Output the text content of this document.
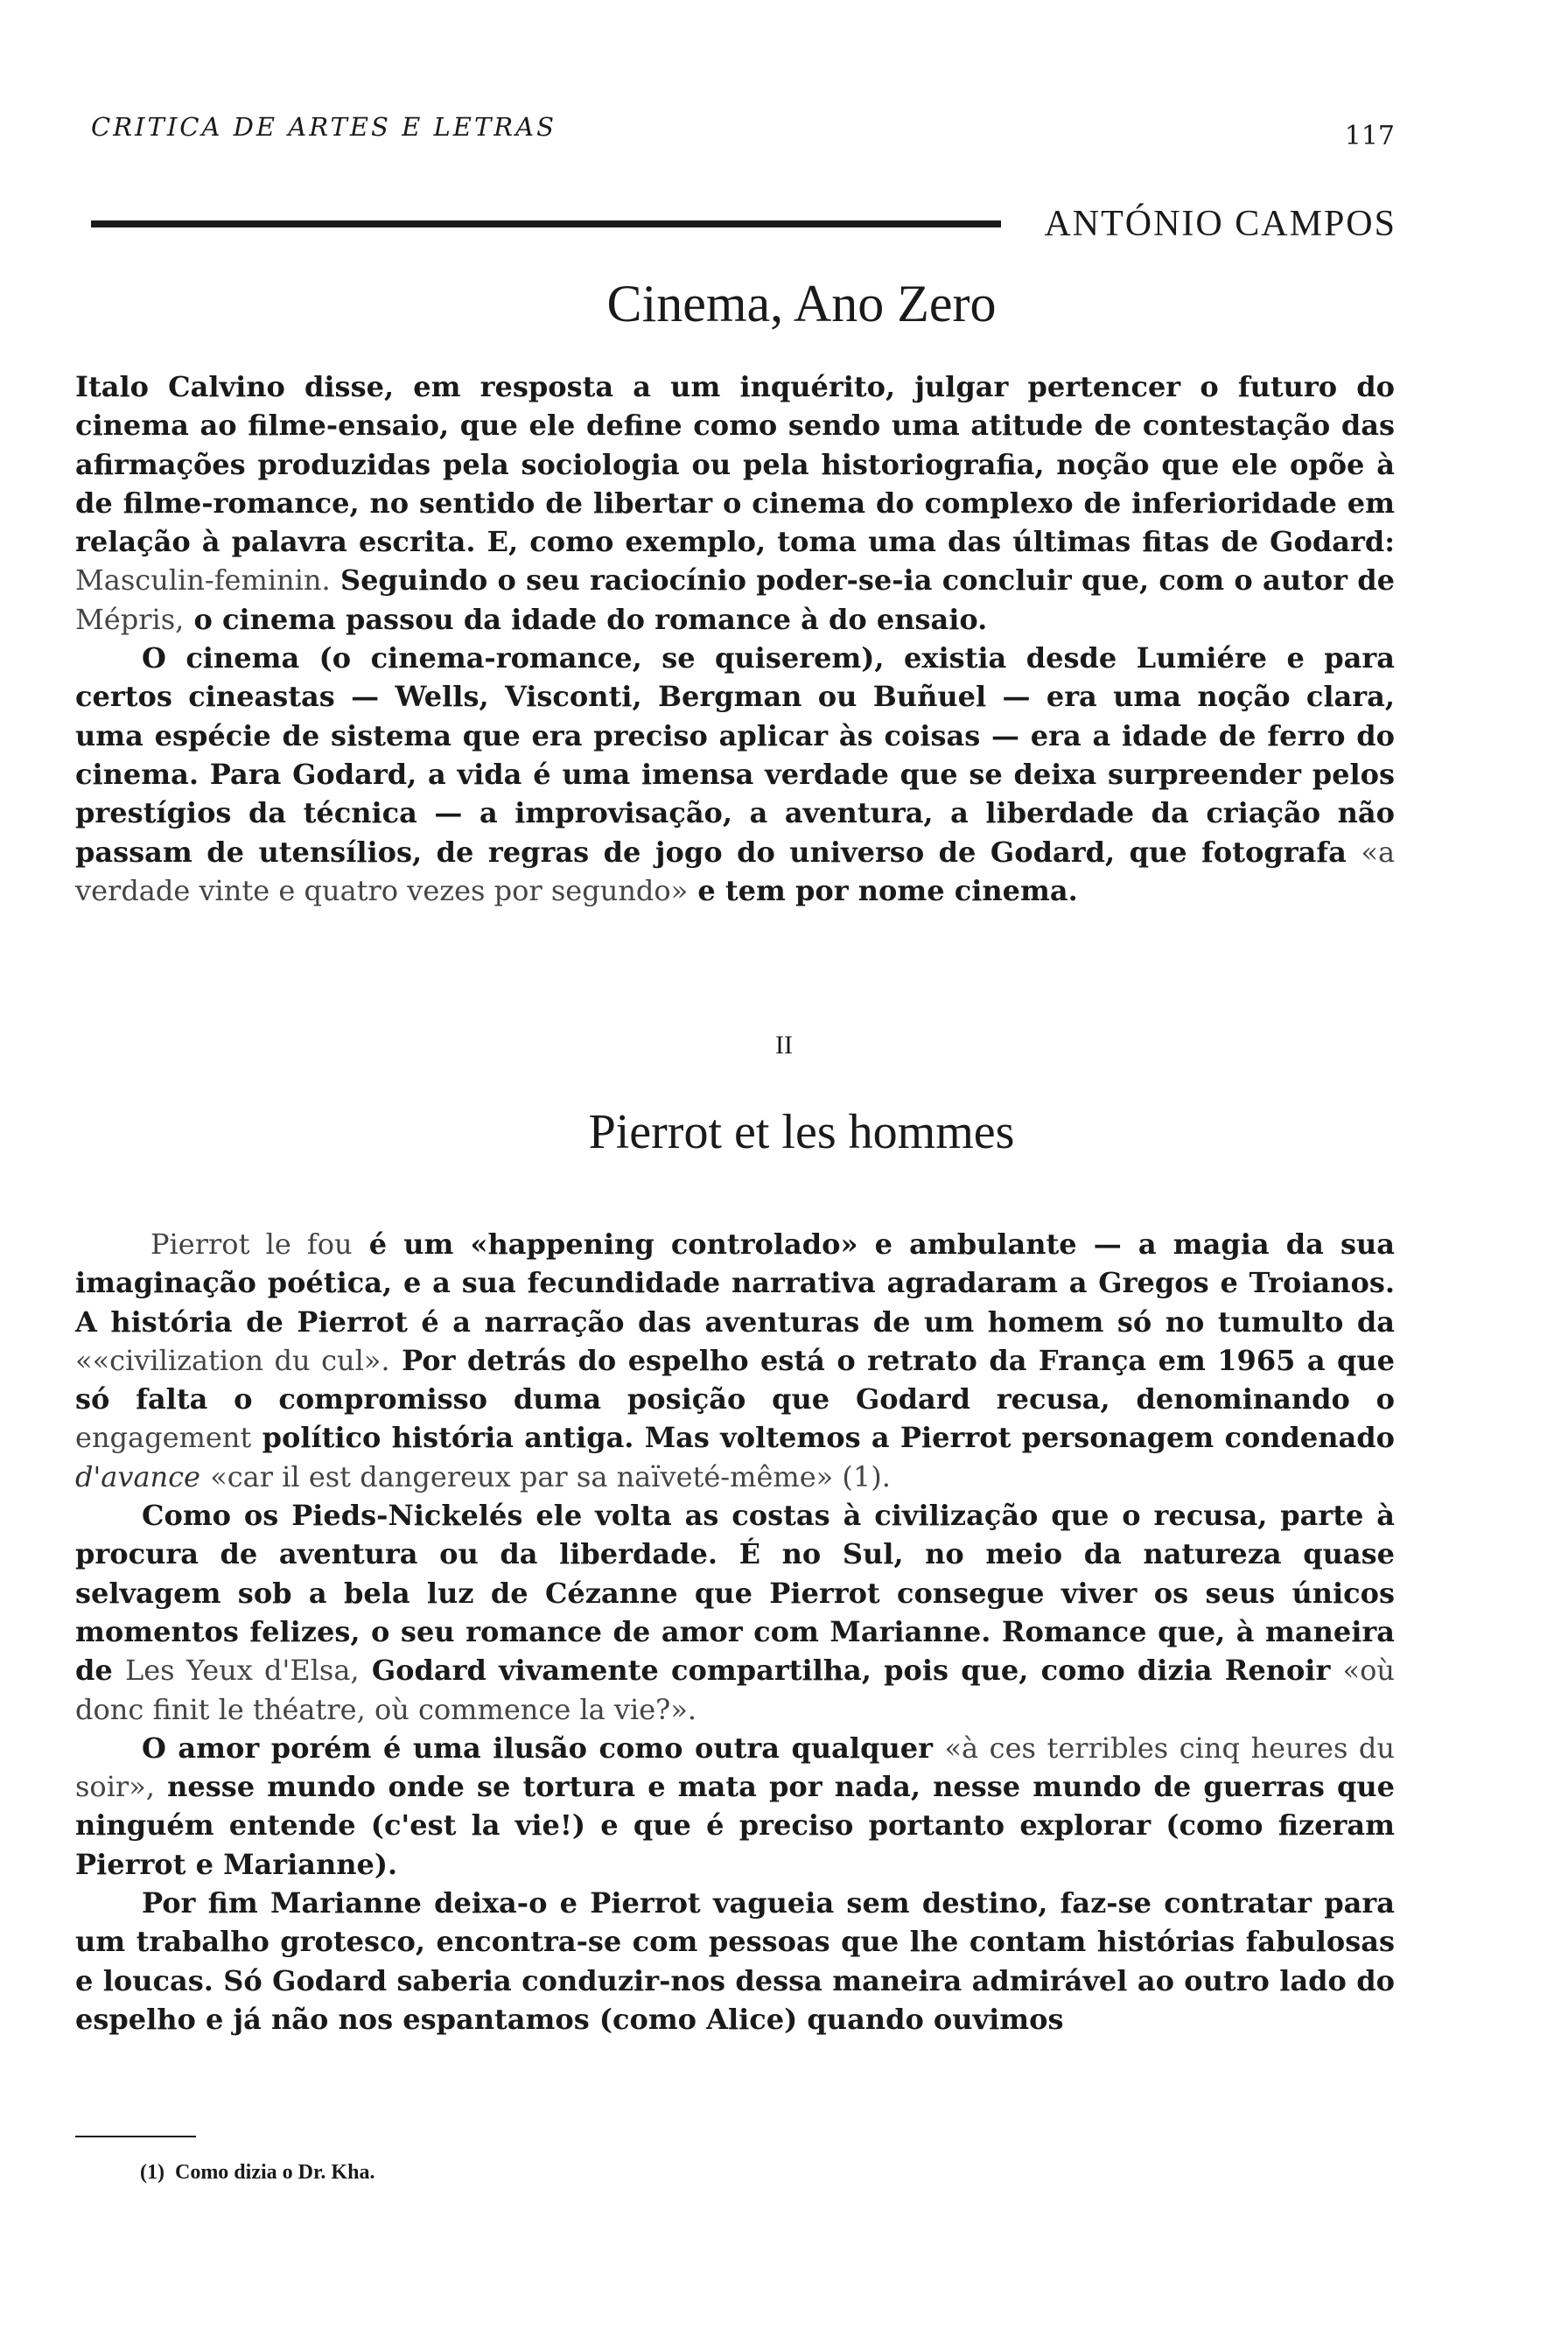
CRITICA DE ARTES E LETRAS	117
ANTÓNIO CAMPOS
Cinema, Ano Zero

Italo Calvino disse, em resposta a um inquérito, julgar pertencer o futuro do cinema ao filme-ensaio, que ele define como sendo uma atitude de contestação das afirmações produzidas pela sociologia ou pela historiografia, noção que ele opõe à de filme-romance, no sentido de libertar o cinema do complexo de inferioridade em relação à palavra escrita. E, como exemplo, toma uma das últimas fitas de Godard: Masculin-feminin. Seguindo o seu raciocínio poder-se-ia concluir que, com o autor de Mépris, o cinema passou da idade do romance à do ensaio.

O cinema (o cinema-romance, se quiserem), existia desde Lumiére e para certos cineastas — Wells, Visconti, Bergman ou Buñuel — era uma noção clara, uma espécie de sistema que era preciso aplicar às coisas — era a idade de ferro do cinema. Para Godard, a vida é uma imensa verdade que se deixa surpreender pelos prestígios da técnica — a improvisação, a aventura, a liberdade da criação não passam de utensílios, de regras de jogo do universo de Godard, que fotografa «a verdade vinte e quatro vezes por segundo» e tem por nome cinema.

II
Pierrot et les hommes

Pierrot le fou é um «happening controlado» e ambulante — a magia da sua imaginação poética, e a sua fecundidade narrativa agradaram a Gregos e Troianos. A história de Pierrot é a narração das aventuras de um homem só no tumulto da ««civilization du cul». Por detrás do espelho está o retrato da França em 1965 a que só falta o compromisso duma posição que Godard recusa, denominando o engagement político história antiga. Mas voltemos a Pierrot personagem condenado d'avance «car il est dangereux par sa naïveté-même» (1).

Como os Pieds-Nickelés ele volta as costas à civilização que o recusa, parte à procura de aventura ou da liberdade. É no Sul, no meio da natureza quase selvagem sob a bela luz de Cézanne que Pierrot consegue viver os seus únicos momentos felizes, o seu romance de amor com Marianne. Romance que, à maneira de Les Yeux d'Elsa, Godard vivamente compartilha, pois que, como dizia Renoir «où donc finit le théatre, où commence la vie?».

O amor porém é uma ilusão como outra qualquer «à ces terribles cinq heures du soir», nesse mundo onde se tortura e mata por nada, nesse mundo de guerras que ninguém entende (c'est la vie!) e que é preciso portanto explorar (como fizeram Pierrot e Marianne).

Por fim Marianne deixa-o e Pierrot vagueia sem destino, faz-se contratar para um trabalho grotesco, encontra-se com pessoas que lhe contam histórias fabulosas e loucas. Só Godard saberia conduzir-nos dessa maneira admirável ao outro lado do espelho e já não nos espantamos (como Alice) quando ouvimos

(1) Como dizia o Dr. Kha.
